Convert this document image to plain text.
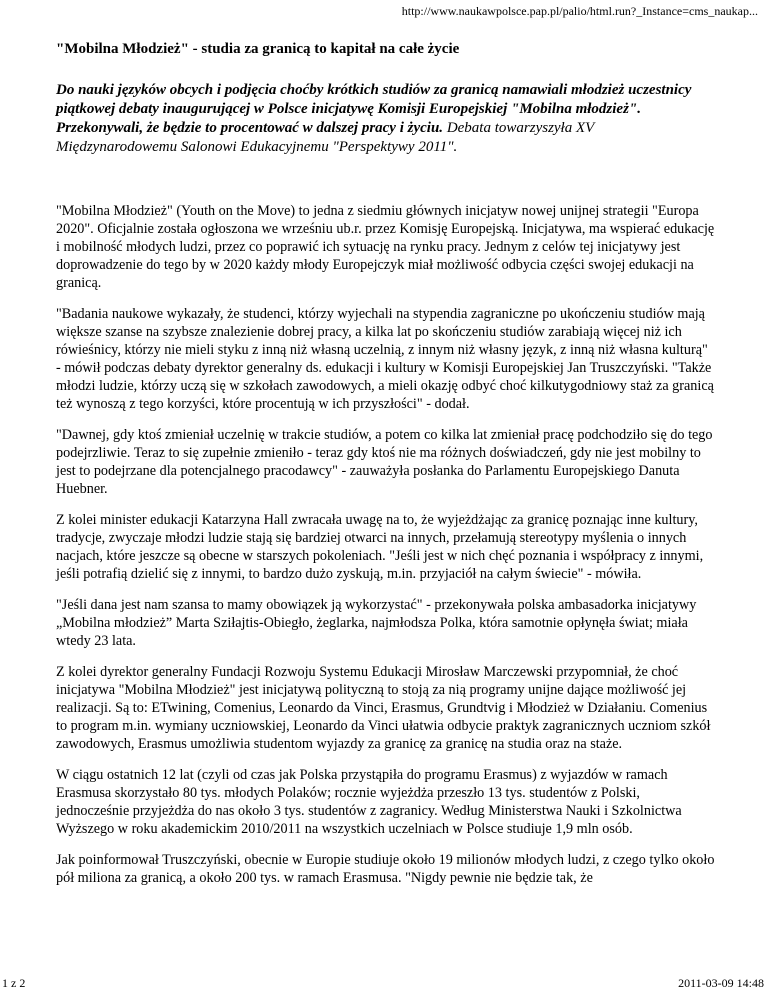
http://www.naukawpolsce.pap.pl/palio/html.run?_Instance=cms_naukap...
"Mobilna Młodzież" - studia za granicą to kapitał na całe życie
Do nauki języków obcych i podjęcia choćby krótkich studiów za granicą namawiali młodzież uczestnicy piątkowej debaty inaugurującej w Polsce inicjatywę Komisji Europejskiej "Mobilna młodzież". Przekonywali, że będzie to procentować w dalszej pracy i życiu. Debata towarzyszyła XV Międzynarodowemu Salonowi Edukacyjnemu "Perspektywy 2011".
"Mobilna Młodzież" (Youth on the Move) to jedna z siedmiu głównych inicjatyw nowej unijnej strategii "Europa 2020". Oficjalnie została ogłoszona we wrześniu ub.r. przez Komisję Europejską. Inicjatywa, ma wspierać edukację i mobilność młodych ludzi, przez co poprawić ich sytuację na rynku pracy. Jednym z celów tej inicjatywy jest doprowadzenie do tego by w 2020 każdy młody Europejczyk miał możliwość odbycia części swojej edukacji na granicą.
"Badania naukowe wykazały, że studenci, którzy wyjechali na stypendia zagraniczne po ukończeniu studiów mają większe szanse na szybsze znalezienie dobrej pracy, a kilka lat po skończeniu studiów zarabiają więcej niż ich rówieśnicy, którzy nie mieli styku z inną niż własną uczelnią, z innym niż własny język, z inną niż własna kulturą" - mówił podczas debaty dyrektor generalny ds. edukacji i kultury w Komisji Europejskiej Jan Truszczyński. "Także młodzi ludzie, którzy uczą się w szkołach zawodowych, a mieli okazję odbyć choć kilkutygodniowy staż za granicą też wynoszą z tego korzyści, które procentują w ich przyszłości" - dodał.
"Dawnej, gdy ktoś zmieniał uczelnię w trakcie studiów, a potem co kilka lat zmieniał pracę podchodziło się do tego podejrzliwie. Teraz to się zupełnie zmieniło - teraz gdy ktoś nie ma różnych doświadczeń, gdy nie jest mobilny to jest to podejrzane dla potencjalnego pracodawcy" - zauważyła posłanka do Parlamentu Europejskiego Danuta Huebner.
Z kolei minister edukacji Katarzyna Hall zwracała uwagę na to, że wyjeżdżając za granicę poznając inne kultury, tradycje, zwyczaje młodzi ludzie stają się bardziej otwarci na innych, przełamują stereotypy myślenia o innych nacjach, które jeszcze są obecne w starszych pokoleniach. "Jeśli jest w nich chęć poznania i współpracy z innymi, jeśli potrafią dzielić się z innymi, to bardzo dużo zyskują, m.in. przyjaciół na całym świecie" - mówiła.
"Jeśli dana jest nam szansa to mamy obowiązek ją wykorzystać" - przekonywała polska ambasadorka inicjatywy „Mobilna młodzież” Marta Sziłajtis-Obiegło, żeglarka, najmłodsza Polka, która samotnie opłynęła świat; miała wtedy 23 lata.
Z kolei dyrektor generalny Fundacji Rozwoju Systemu Edukacji Mirosław Marczewski przypomniał, że choć inicjatywa "Mobilna Młodzież" jest inicjatywą polityczną to stoją za nią programy unijne dające możliwość jej realizacji. Są to: ETwining, Comenius, Leonardo da Vinci, Erasmus, Grundtvig i Młodzież w Działaniu. Comenius to program m.in. wymiany uczniowskiej, Leonardo da Vinci ułatwia odbycie praktyk zagranicznych uczniom szkół zawodowych, Erasmus umożliwia studentom wyjazdy za granicę za granicę na studia oraz na staże.
W ciągu ostatnich 12 lat (czyli od czas jak Polska przystąpiła do programu Erasmus) z wyjazdów w ramach Erasmusa skorzystało 80 tys. młodych Polaków; rocznie wyjeżdża przeszło 13 tys. studentów z Polski, jednocześnie przyjeżdża do nas około 3 tys. studentów z zagranicy. Według Ministerstwa Nauki i Szkolnictwa Wyższego w roku akademickim 2010/2011 na wszystkich uczelniach w Polsce studiuje 1,9 mln osób.
Jak poinformował Truszczyński, obecnie w Europie studiuje około 19 milionów młodych ludzi, z czego tylko około pół miliona za granicą, a około 200 tys. w ramach Erasmusa. "Nigdy pewnie nie będzie tak, że
1 z 2	2011-03-09 14:48
